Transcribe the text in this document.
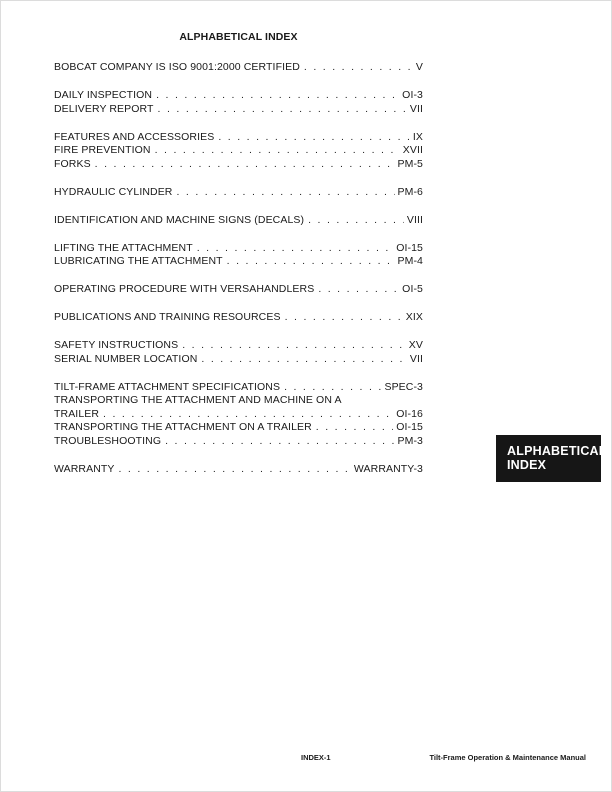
ALPHABETICAL INDEX
BOBCAT COMPANY IS ISO 9001:2000 CERTIFIED . . .	V
DAILY INSPECTION . . .	OI-3
DELIVERY REPORT . . .	VII
FEATURES AND ACCESSORIES . . .	IX
FIRE PREVENTION . . .	XVII
FORKS . . .	PM-5
HYDRAULIC CYLINDER . . .	PM-6
IDENTIFICATION AND MACHINE SIGNS (DECALS) . . .	VIII
LIFTING THE ATTACHMENT . . .	OI-15
LUBRICATING THE ATTACHMENT . . .	PM-4
OPERATING PROCEDURE WITH VERSAHANDLERS . . .	OI-5
PUBLICATIONS AND TRAINING RESOURCES . . .	XIX
SAFETY INSTRUCTIONS . . .	XV
SERIAL NUMBER LOCATION . . .	VII
TILT-FRAME ATTACHMENT SPECIFICATIONS . . .	SPEC-3
TRANSPORTING THE ATTACHMENT AND MACHINE ON A
TRAILER . . .	OI-16
TRANSPORTING THE ATTACHMENT ON A TRAILER . . .	OI-15
TROUBLESHOOTING . . .	PM-3
WARRANTY . . .	WARRANTY-3
ALPHABETICAL
INDEX
INDEX-1	Tilt-Frame Operation & Maintenance Manual
